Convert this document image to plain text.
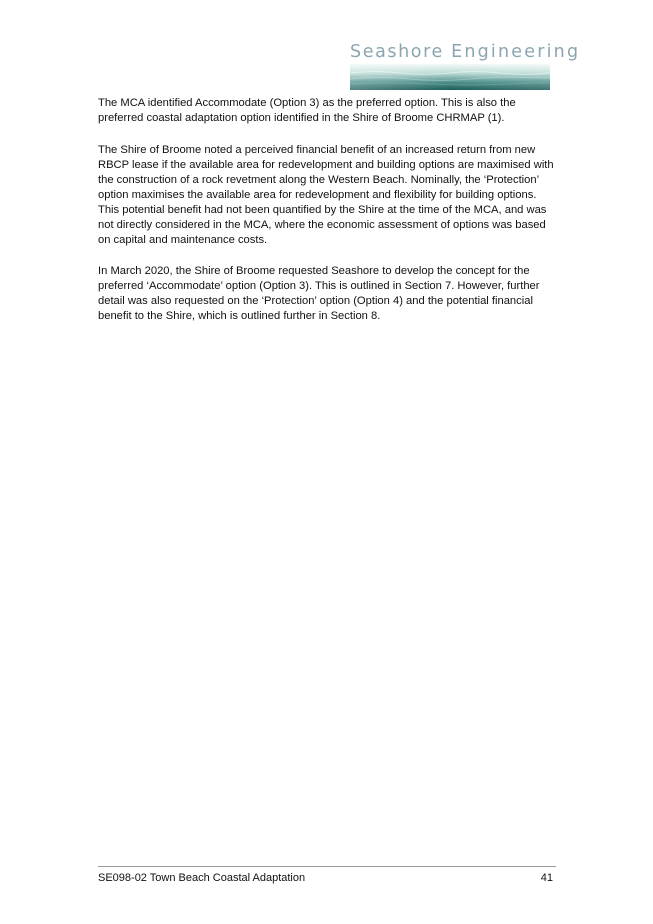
Seashore Engineering

The MCA identified Accommodate (Option 3) as the preferred option. This is also the preferred coastal adaptation option identified in the Shire of Broome CHRMAP (1).

The Shire of Broome noted a perceived financial benefit of an increased return from new RBCP lease if the available area for redevelopment and building options are maximised with the construction of a rock revetment along the Western Beach. Nominally, the ‘Protection’ option maximises the available area for redevelopment and flexibility for building options. This potential benefit had not been quantified by the Shire at the time of the MCA, and was not directly considered in the MCA, where the economic assessment of options was based on capital and maintenance costs.

In March 2020, the Shire of Broome requested Seashore to develop the concept for the preferred ‘Accommodate’ option (Option 3). This is outlined in Section 7. However, further detail was also requested on the ‘Protection’ option (Option 4) and the potential financial benefit to the Shire, which is outlined further in Section 8.

SE098-02 Town Beach Coastal Adaptation	41
